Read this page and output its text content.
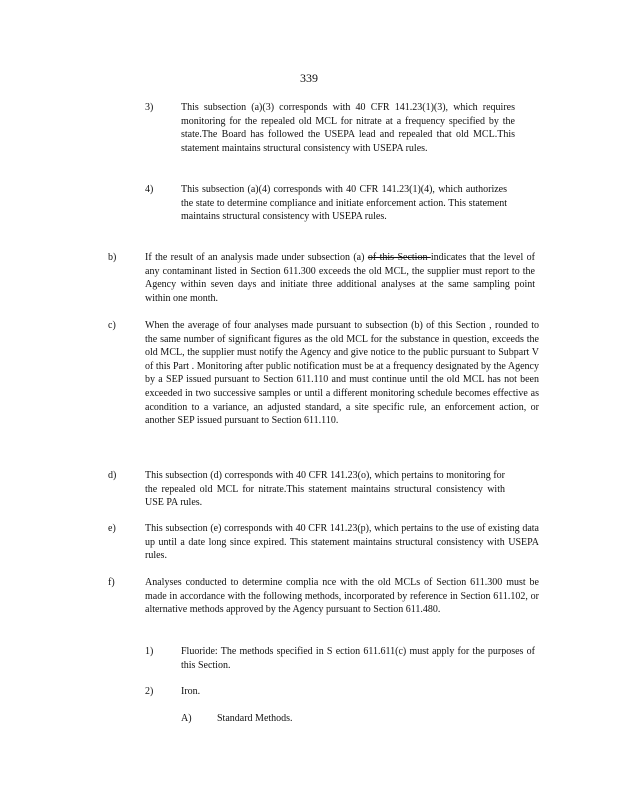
339
3)	This subsection (a)(3) corresponds with 40 CFR 141.23(1)(3), which requires monitoring for the repealed old MCL for nitrate at a frequency specified by the state.The Board has followed the USEPA lead and repealed that old MCL.This statement maintains structural consistency with USEPA rules.
4)	This subsection (a)(4) corresponds with 40 CFR 141.23(1)(4), which authorizes the state to determine compliance and initiate enforcement action. This statement maintains structural consistency with USEPA rules.
b)	If the result of an analysis made under subsection (a) of this Section indicates that the level of any contaminant listed in Section 611.300 exceeds the old MCL, the supplier must report to the Agency within seven days and initiate three additional analyses at the same sampling point within one month.
c)	When the average of four analyses made pursuant to subsection (b) of this Section , rounded to the same number of significant figures as the old MCL for the substance in question, exceeds the old MCL, the supplier must notify the Agency and give notice to the public pursuant to Subpart V of this Part . Monitoring after public notification must be at a frequency designated by the Agency by a SEP issued pursuant to Section 611.110 and must continue until the old MCL has not been exceeded in two successive samples or until a different monitoring schedule becomes effective as acondition to a variance, an adjusted standard, a site specific rule, an enforcement action, or another SEP issued pursuant to Section 611.110.
d)	This subsection (d) corresponds with 40 CFR 141.23(o), which pertains to monitoring for the repealed old MCL for nitrate.This statement maintains structural consistency with USE PA rules.
e)	This subsection (e) corresponds with 40 CFR 141.23(p), which pertains to the use of existing data up until a date long since expired. This statement maintains structural consistency with USEPA rules.
f)	Analyses conducted to determine complia nce with the old MCLs of Section 611.300 must be made in accordance with the following methods, incorporated by reference in Section 611.102, or alternative methods approved by the Agency pursuant to Section 611.480.
1)	Fluoride: The methods specified in S ection 611.611(c) must apply for the purposes of this Section.
2)	Iron.
A)	Standard Methods.
